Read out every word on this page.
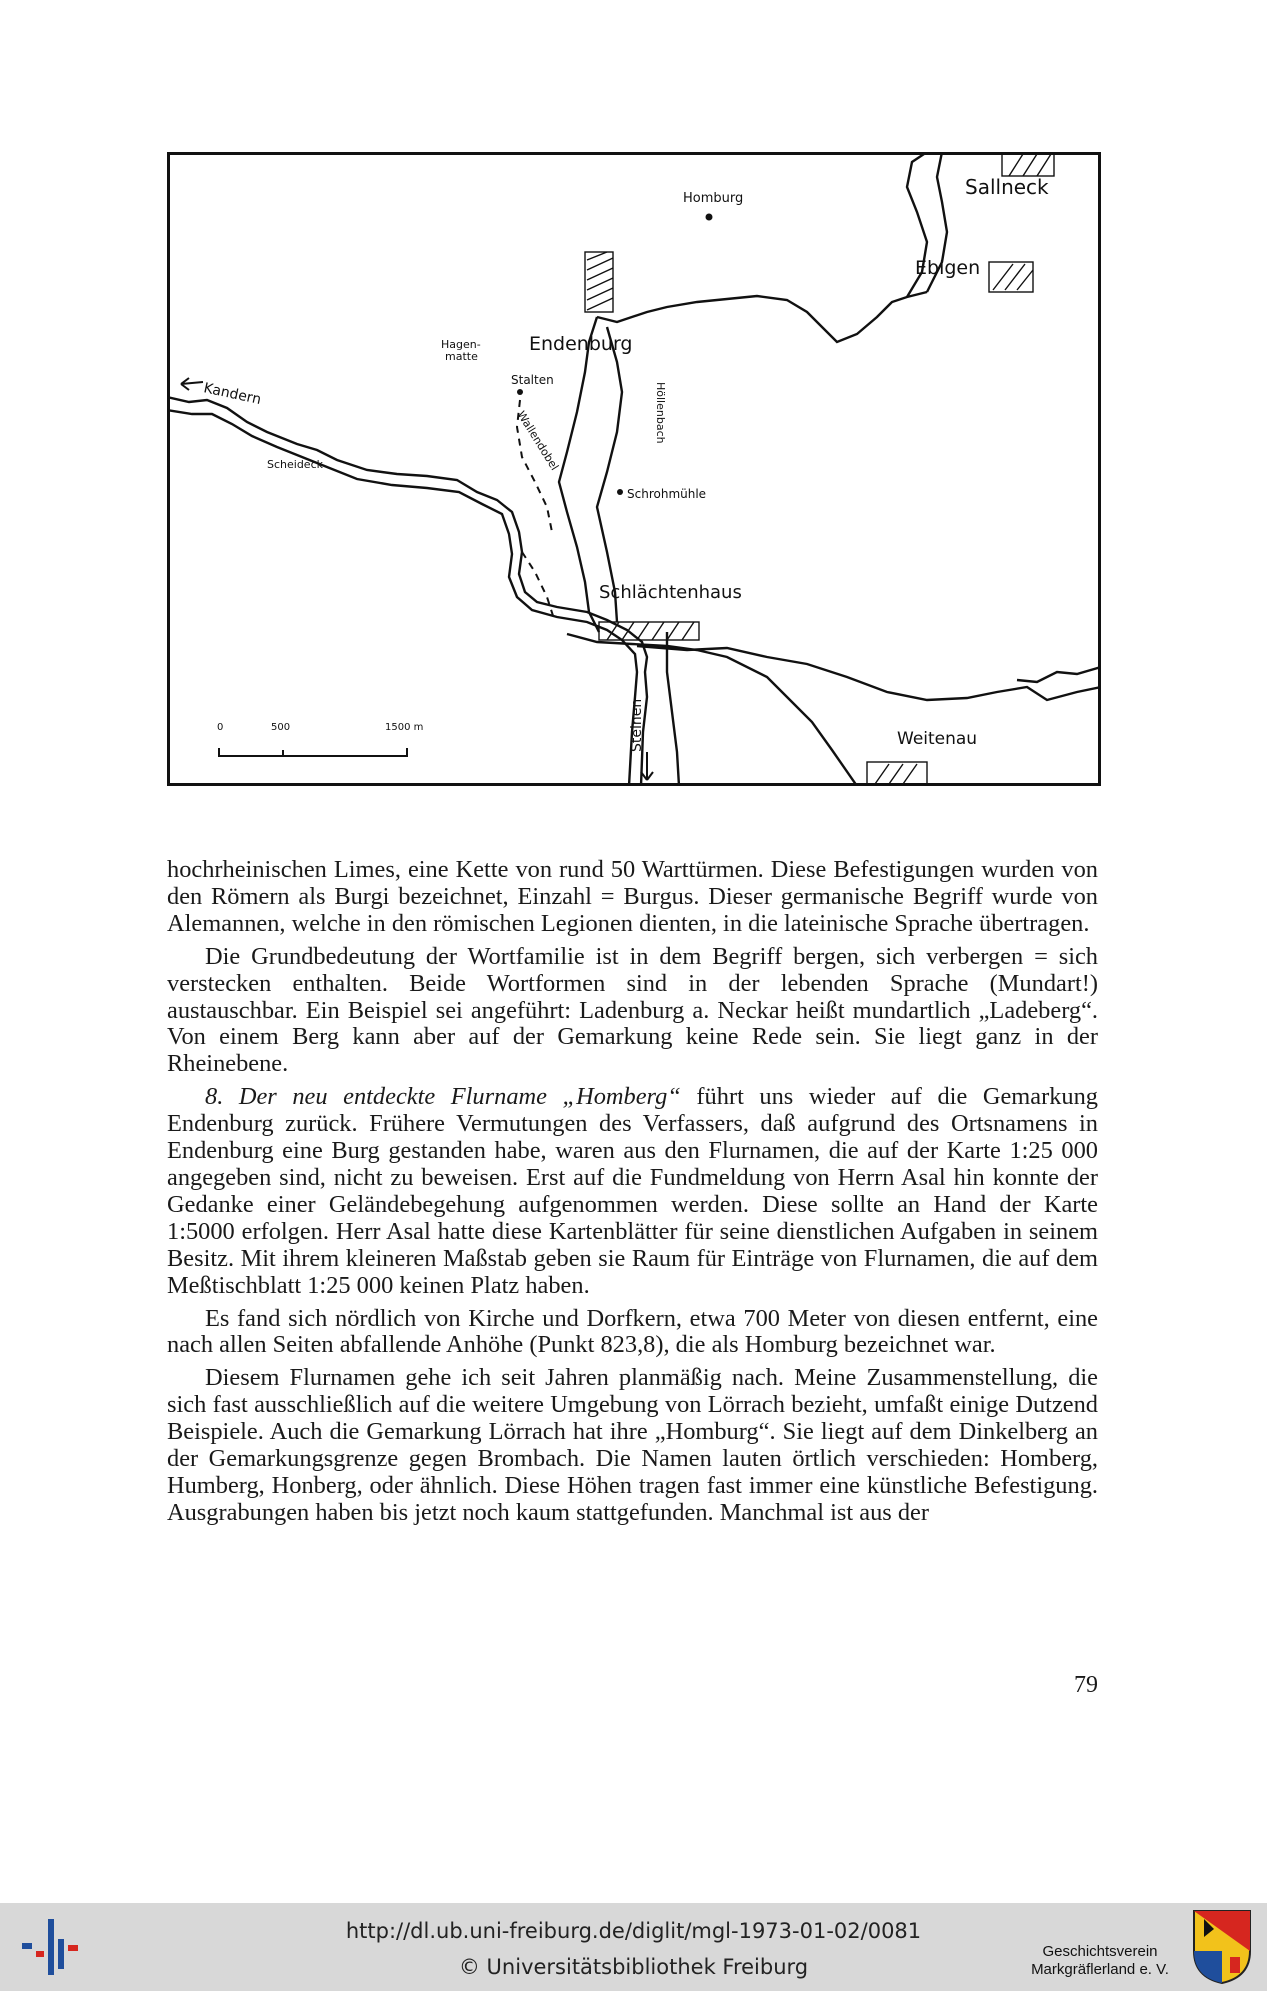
Sallneck
Homburg
Ebigen
Hagen-
matte
Endenburg
Kandern
Stalten
Höllenbach
Wallendobel
Scheideck
Schrohmühle
Schlächtenhaus
Steinen	Weitenau
0	500	1500 m

hochrheinischen Limes, eine Kette von rund 50 Warttürmen. Diese Befestigungen wurden von den Römern als Burgi bezeichnet, Einzahl = Burgus. Dieser germanische Begriff wurde von Alemannen, welche in den römischen Legionen dienten, in die lateinische Sprache übertragen.

Die Grundbedeutung der Wortfamilie ist in dem Begriff bergen, sich verbergen = sich verstecken enthalten. Beide Wortformen sind in der lebenden Sprache (Mundart!) austauschbar. Ein Beispiel sei angeführt: Ladenburg a. Neckar heißt mundartlich „Ladeberg“. Von einem Berg kann aber auf der Gemarkung keine Rede sein. Sie liegt ganz in der Rheinebene.

8. Der neu entdeckte Flurname „Homberg“ führt uns wieder auf die Gemarkung Endenburg zurück. Frühere Vermutungen des Verfassers, daß aufgrund des Ortsnamens in Endenburg eine Burg gestanden habe, waren aus den Flurnamen, die auf der Karte 1:25 000 angegeben sind, nicht zu beweisen. Erst auf die Fundmeldung von Herrn Asal hin konnte der Gedanke einer Geländebegehung aufgenommen werden. Diese sollte an Hand der Karte 1:5000 erfolgen. Herr Asal hatte diese Kartenblätter für seine dienstlichen Aufgaben in seinem Besitz. Mit ihrem kleineren Maßstab geben sie Raum für Einträge von Flurnamen, die auf dem Meßtischblatt 1:25 000 keinen Platz haben.

Es fand sich nördlich von Kirche und Dorfkern, etwa 700 Meter von diesen entfernt, eine nach allen Seiten abfallende Anhöhe (Punkt 823,8), die als Homburg bezeichnet war.

Diesem Flurnamen gehe ich seit Jahren planmäßig nach. Meine Zusammenstellung, die sich fast ausschließlich auf die weitere Umgebung von Lörrach bezieht, umfaßt einige Dutzend Beispiele. Auch die Gemarkung Lörrach hat ihre „Homburg“. Sie liegt auf dem Dinkelberg an der Gemarkungsgrenze gegen Brombach. Die Namen lauten örtlich verschieden: Homberg, Humberg, Honberg, oder ähnlich. Diese Höhen tragen fast immer eine künstliche Befestigung. Ausgrabungen haben bis jetzt noch kaum stattgefunden. Manchmal ist aus der

79
http://dl.ub.uni-freiburg.de/diglit/mgl-1973-01-02/0081
© Universitätsbibliothek Freiburg
Geschichtsverein
Markgräflerland e. V.
